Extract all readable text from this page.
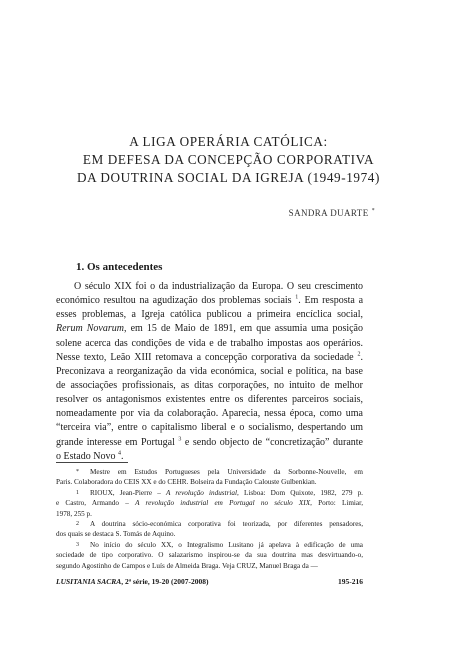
A LIGA OPERÁRIA CATÓLICA:
EM DEFESA DA CONCEPÇÃO CORPORATIVA
DA DOUTRINA SOCIAL DA IGREJA (1949-1974)
SANDRA DUARTE *
1. Os antecedentes
O século XIX foi o da industrialização da Europa. O seu crescimento
económico resultou na agudização dos problemas sociais $^1$. Em resposta a
esses problemas, a Igreja católica publicou a primeira encíclica social,
Rerum Novarum, em 15 de Maio de 1891, em que assumia uma posição
solene acerca das condições de vida e de trabalho impostas aos operários.
Nesse texto, Leão XIII retomava a concepção corporativa da sociedade $^2$.
Preconizava a reorganização da vida económica, social e política, na base
de associações profissionais, as ditas corporações, no intuito de melhor
resolver os antagonismos existentes entre os diferentes parceiros sociais,
nomeadamente por via da colaboração. Aparecia, nessa época, como uma
“terceira via”, entre o capitalismo liberal e o socialismo, despertando um
grande interesse em Portugal $^3$ e sendo objecto de “concretização” durante
o Estado Novo $^4$.
* Mestre em Estudos Portugueses pela Universidade da Sorbonne-Nouvelle, em
Paris. Colaboradora do CEIS XX e do CEHR. Bolseira da Fundação Calouste Gulbenkian.
1 RIOUX, Jean-Pierre – A revolução industrial, Lisboa: Dom Quixote, 1982, 279 p.
e Castro, Armando – A revolução industrial em Portugal no século XIX, Porto: Limiar,
1978, 255 p.
2 A doutrina sócio-económica corporativa foi teorizada, por diferentes pensadores,
dos quais se destaca S. Tomás de Aquino.
3 No início do século XX, o Integralismo Lusitano já apelava à edificação de uma
sociedade de tipo corporativo. O salazarismo inspirou-se da sua doutrina mas desvirtuando-o,
segundo Agostinho de Campos e Luís de Almeida Braga. Veja CRUZ, Manuel Braga da —
LUSITANIA SACRA, 2ª série, 19-20 (2007-2008)	195-216
